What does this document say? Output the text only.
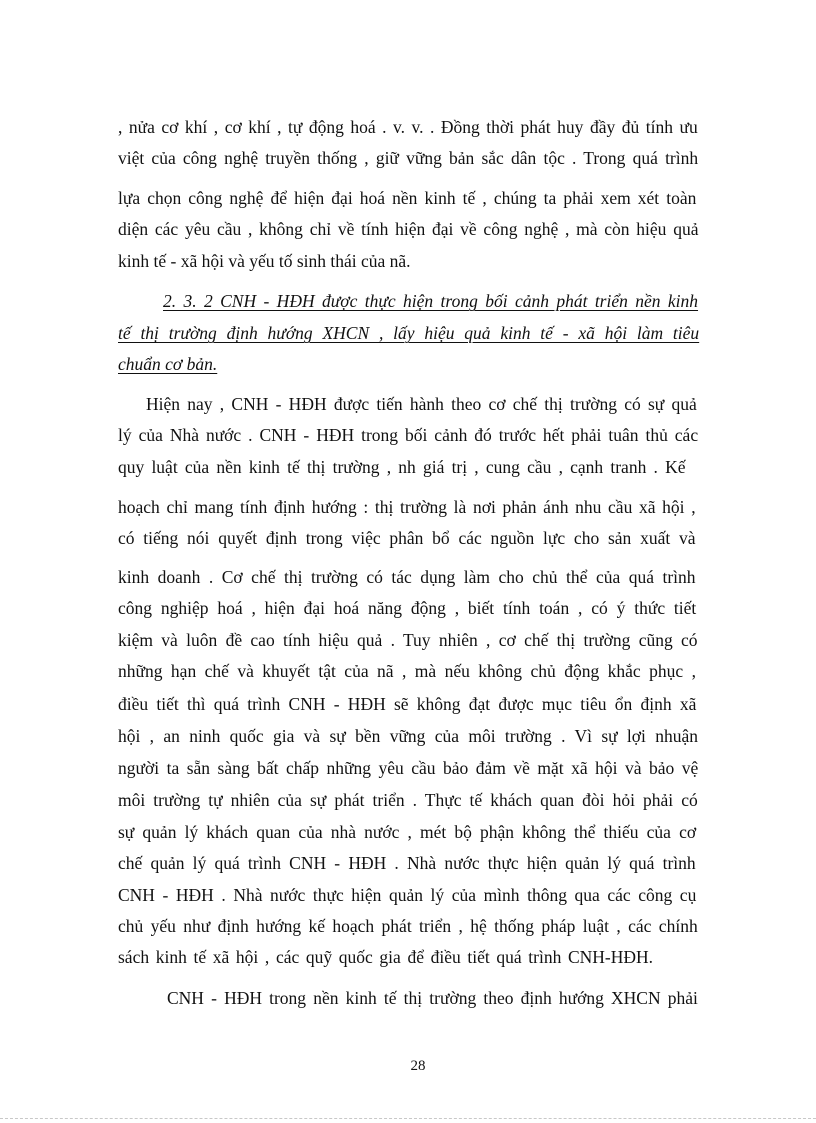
, nửa cơ khí , cơ khí , tự động hoá . v. v. . Đồng thời phát huy đầy đủ tính ưu

việt của công nghệ truyền thống , giữ vững bản sắc dân tộc . Trong quá trình

lựa chọn công nghệ để hiện đại hoá nền kinh tế , chúng ta phải xem xét toàn

diện các yêu cầu , không chỉ về tính hiện đại về công nghệ , mà còn hiệu quả

kinh tế - xã hội và yếu tố sinh thái của nã.

2. 3. 2 CNH - HĐH được thực hiện trong bối cảnh phát triển nền kinh

tế thị trường định hướng XHCN , lấy hiệu quả kinh tế - xã hội làm tiêu

chuẩn cơ bản.

Hiện nay , CNH - HĐH được tiến hành theo cơ chế thị trường có sự quả

lý của Nhà nước . CNH - HĐH trong bối cảnh đó trước hết phải tuân thủ các

quy luật của nền kinh tế thị trường , nh giá trị , cung cầu , cạnh tranh . Kế

hoạch chỉ mang tính định hướng : thị trường là nơi phản ánh nhu cầu xã hội ,

có tiếng nói quyết định trong việc phân bổ các nguồn lực cho sản xuất và

kinh doanh . Cơ chế thị trường có tác dụng làm cho chủ thể của quá trình

công nghiệp hoá , hiện đại hoá năng động , biết tính toán , có ý thức tiết

kiệm và luôn đề cao tính hiệu quả . Tuy nhiên , cơ chế thị trường cũng có

những hạn chế và khuyết tật của nã , mà nếu không chủ động khắc phục ,

điều tiết thì quá trình CNH - HĐH sẽ không đạt được mục tiêu ổn định xã

hội , an ninh quốc gia và sự bền vững của môi trường . Vì sự lợi nhuận

người ta sẵn sàng bất chấp những yêu cầu bảo đảm về mặt xã hội và bảo vệ

môi trường tự nhiên của sự phát triển . Thực tế khách quan đòi hỏi phải có

sự quản lý khách quan của nhà nước , mét bộ phận không thể thiếu của cơ

chế quản lý quá trình CNH - HĐH . Nhà nước thực hiện quản lý quá trình

CNH - HĐH . Nhà nước thực hiện quản lý của mình thông qua các công cụ

chủ yếu như định hướng kế hoạch phát triển , hệ thống pháp luật , các chính

sách kinh tế xã hội , các quỹ quốc gia để điều tiết quá trình CNH-HĐH.

CNH - HĐH trong nền kinh tế thị trường theo định hướng XHCN phải

28
